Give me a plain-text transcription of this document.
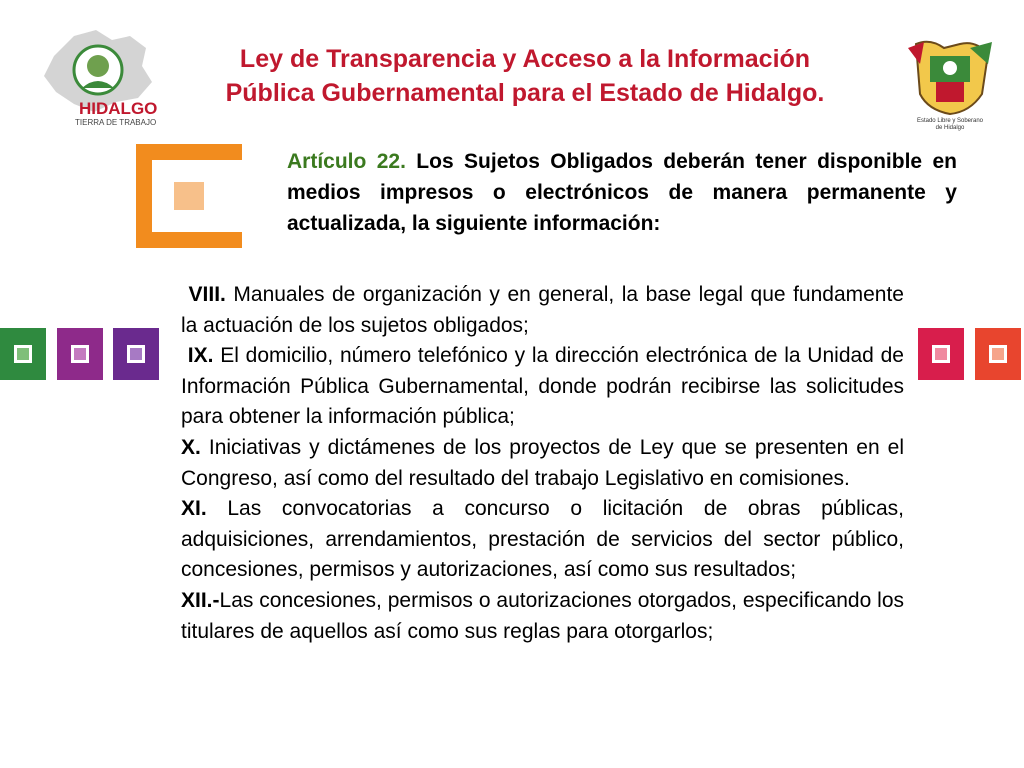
Ley de Transparencia y Acceso a la Información
Pública Gubernamental para el Estado de Hidalgo.
HIDALGO
TIERRA DE TRABAJO	Estado Libre y Soberano
de Hidalgo
Artículo 22. Los Sujetos Obligados deberán tener disponible en medios impresos o electrónicos de manera permanente y actualizada, la siguiente información:

VIII. Manuales de organización y en general, la base legal que fundamente la actuación de los sujetos obligados;

IX. El domicilio, número telefónico y la dirección electrónica de la Unidad de Información Pública Gubernamental, donde podrán recibirse las solicitudes para obtener la información pública;

X. Iniciativas y dictámenes de los proyectos de Ley que se presenten en el Congreso, así como del resultado del trabajo Legislativo en comisiones.

XI. Las convocatorias a concurso o licitación de obras públicas, adquisiciones, arrendamientos, prestación de servicios del sector público, concesiones, permisos y autorizaciones, así como sus resultados;

XII.-Las concesiones, permisos o autorizaciones otorgados, especificando los titulares de aquellos así como sus reglas para otorgarlos;
